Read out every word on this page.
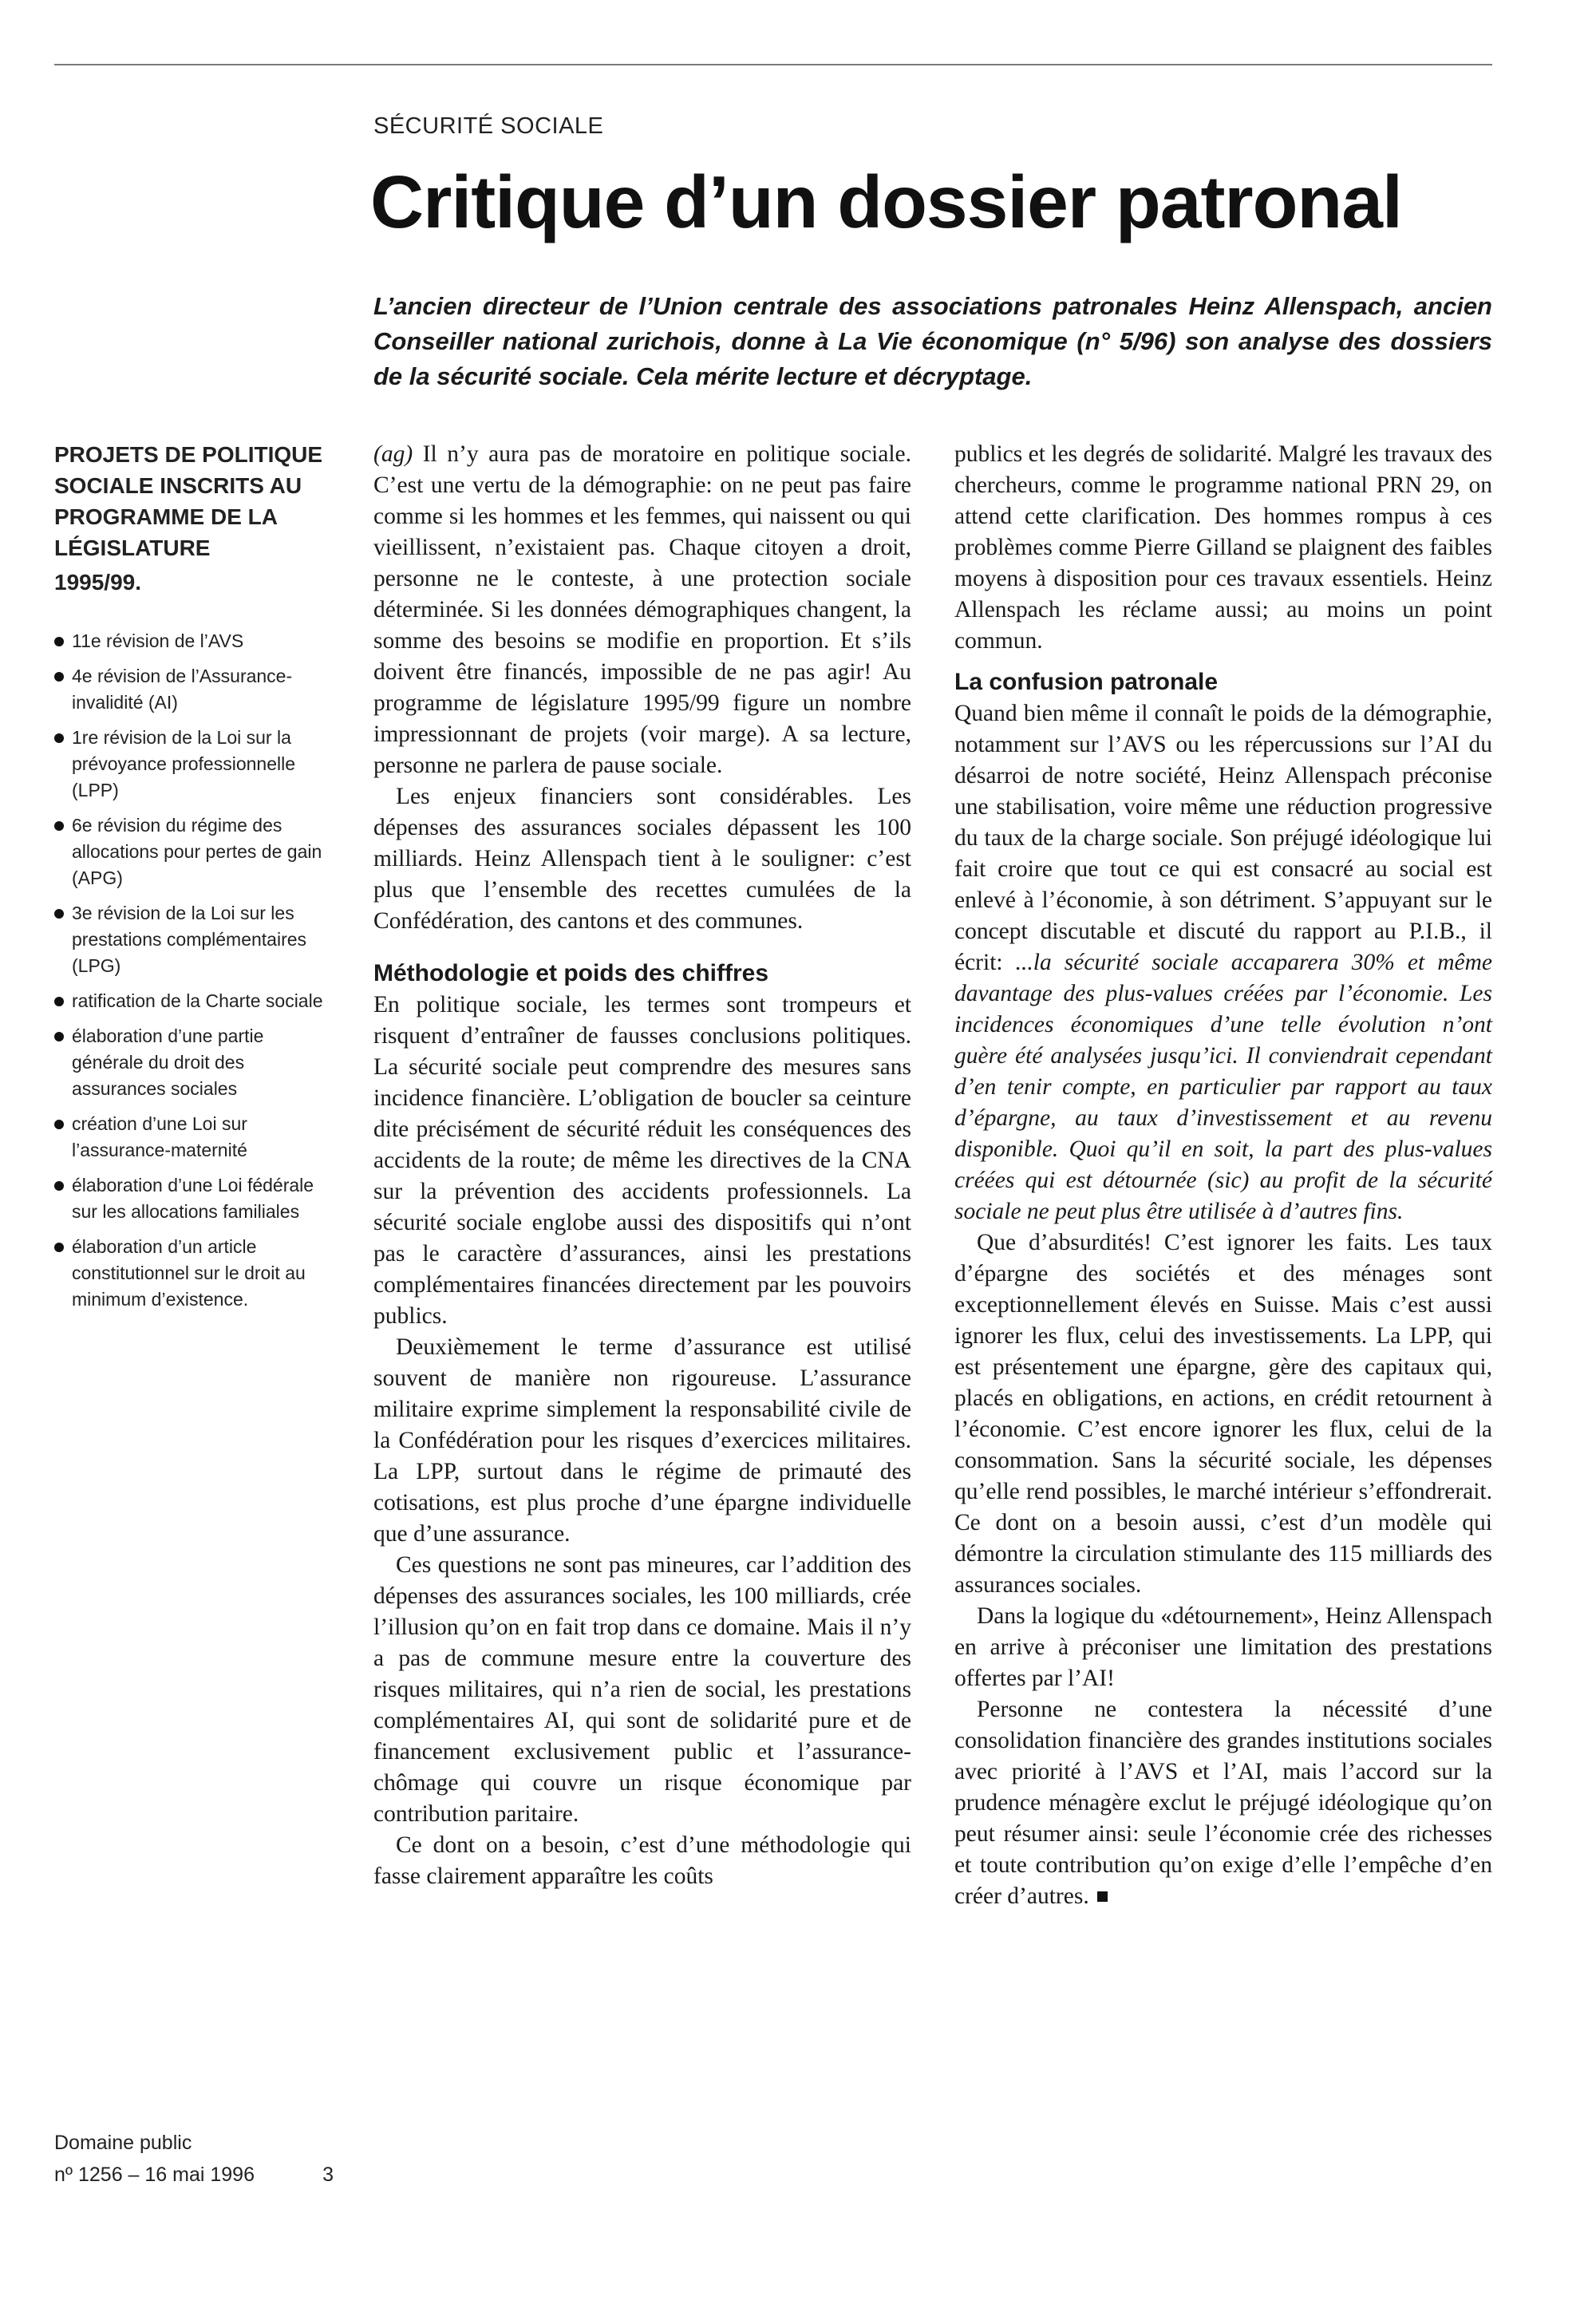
SÉCURITÉ SOCIALE
Critique d’un dossier patronal

L’ancien directeur de l’Union centrale des associations patronales Heinz Allenspach, ancien Conseiller national zurichois, donne à La Vie économique (n° 5/96) son analyse des dossiers de la sécurité sociale. Cela mérite lecture et décryptage.

PROJETS DE POLITIQUE SOCIALE INSCRITS AU PROGRAMME DE LA LÉGISLATURE

1995/99.

11e révision de l’AVS
4e révision de l’Assurance-invalidité (AI)
1re révision de la Loi sur la prévoyance professionnelle (LPP)
6e révision du régime des allocations pour pertes de gain (APG)
3e révision de la Loi sur les prestations complémentaires (LPG)
ratification de la Charte sociale
élaboration d’une partie générale du droit des assurances sociales
création d’une Loi sur l’assurance-maternité
élaboration d’une Loi fédérale sur les allocations familiales
élaboration d’un article constitutionnel sur le droit au minimum d’existence.
Domaine public
nº 1256 – 16 mai 1996	3

(ag) Il n’y aura pas de moratoire en politique sociale. C’est une vertu de la démographie: on ne peut pas faire comme si les hommes et les femmes, qui naissent ou qui vieillissent, n’existaient pas. Chaque citoyen a droit, personne ne le conteste, à une protection sociale déterminée. Si les données démographiques changent, la somme des besoins se modifie en proportion. Et s’ils doivent être financés, impossible de ne pas agir! Au programme de législature 1995/99 figure un nombre impressionnant de projets (voir marge). A sa lecture, personne ne parlera de pause sociale.

Les enjeux financiers sont considérables. Les dépenses des assurances sociales dépassent les 100 milliards. Heinz Allenspach tient à le souligner: c’est plus que l’ensemble des recettes cumulées de la Confédération, des cantons et des communes.

Méthodologie et poids des chiffres

En politique sociale, les termes sont trompeurs et risquent d’entraîner de fausses conclusions politiques. La sécurité sociale peut comprendre des mesures sans incidence financière. L’obligation de boucler sa ceinture dite précisément de sécurité réduit les conséquences des accidents de la route; de même les directives de la CNA sur la prévention des accidents professionnels. La sécurité sociale englobe aussi des dispositifs qui n’ont pas le caractère d’assurances, ainsi les prestations complémentaires financées directement par les pouvoirs publics.

Deuxièmement le terme d’assurance est utilisé souvent de manière non rigoureuse. L’assurance militaire exprime simplement la responsabilité civile de la Confédération pour les risques d’exercices militaires. La LPP, surtout dans le régime de primauté des cotisations, est plus proche d’une épargne individuelle que d’une assurance.

Ces questions ne sont pas mineures, car l’addition des dépenses des assurances sociales, les 100 milliards, crée l’illusion qu’on en fait trop dans ce domaine. Mais il n’y a pas de commune mesure entre la couverture des risques militaires, qui n’a rien de social, les prestations complémentaires AI, qui sont de solidarité pure et de financement exclusivement public et l’assurance-chômage qui couvre un risque économique par contribution paritaire.

Ce dont on a besoin, c’est d’une méthodologie qui fasse clairement apparaître les coûts

publics et les degrés de solidarité. Malgré les travaux des chercheurs, comme le programme national PRN 29, on attend cette clarification. Des hommes rompus à ces problèmes comme Pierre Gilland se plaignent des faibles moyens à disposition pour ces travaux essentiels. Heinz Allenspach les réclame aussi; au moins un point commun.

La confusion patronale

Quand bien même il connaît le poids de la démographie, notamment sur l’AVS ou les répercussions sur l’AI du désarroi de notre société, Heinz Allenspach préconise une stabilisation, voire même une réduction progressive du taux de la charge sociale. Son préjugé idéologique lui fait croire que tout ce qui est consacré au social est enlevé à l’économie, à son détriment. S’appuyant sur le concept discutable et discuté du rapport au P.I.B., il écrit: ...la sécurité sociale accaparera 30% et même davantage des plus-values créées par l’économie. Les incidences économiques d’une telle évolution n’ont guère été analysées jusqu’ici. Il conviendrait cependant d’en tenir compte, en particulier par rapport au taux d’épargne, au taux d’investissement et au revenu disponible. Quoi qu’il en soit, la part des plus-values créées qui est détournée (sic) au profit de la sécurité sociale ne peut plus être utilisée à d’autres fins.

Que d’absurdités! C’est ignorer les faits. Les taux d’épargne des sociétés et des ménages sont exceptionnellement élevés en Suisse. Mais c’est aussi ignorer les flux, celui des investissements. La LPP, qui est présentement une épargne, gère des capitaux qui, placés en obligations, en actions, en crédit retournent à l’économie. C’est encore ignorer les flux, celui de la consommation. Sans la sécurité sociale, les dépenses qu’elle rend possibles, le marché intérieur s’effondrerait. Ce dont on a besoin aussi, c’est d’un modèle qui démontre la circulation stimulante des 115 milliards des assurances sociales.

Dans la logique du «détournement», Heinz Allenspach en arrive à préconiser une limitation des prestations offertes par l’AI!

Personne ne contestera la nécessité d’une consolidation financière des grandes institutions sociales avec priorité à l’AVS et l’AI, mais l’accord sur la prudence ménagère exclut le préjugé idéologique qu’on peut résumer ainsi: seule l’économie crée des richesses et toute contribution qu’on exige d’elle l’empêche d’en créer d’autres.
